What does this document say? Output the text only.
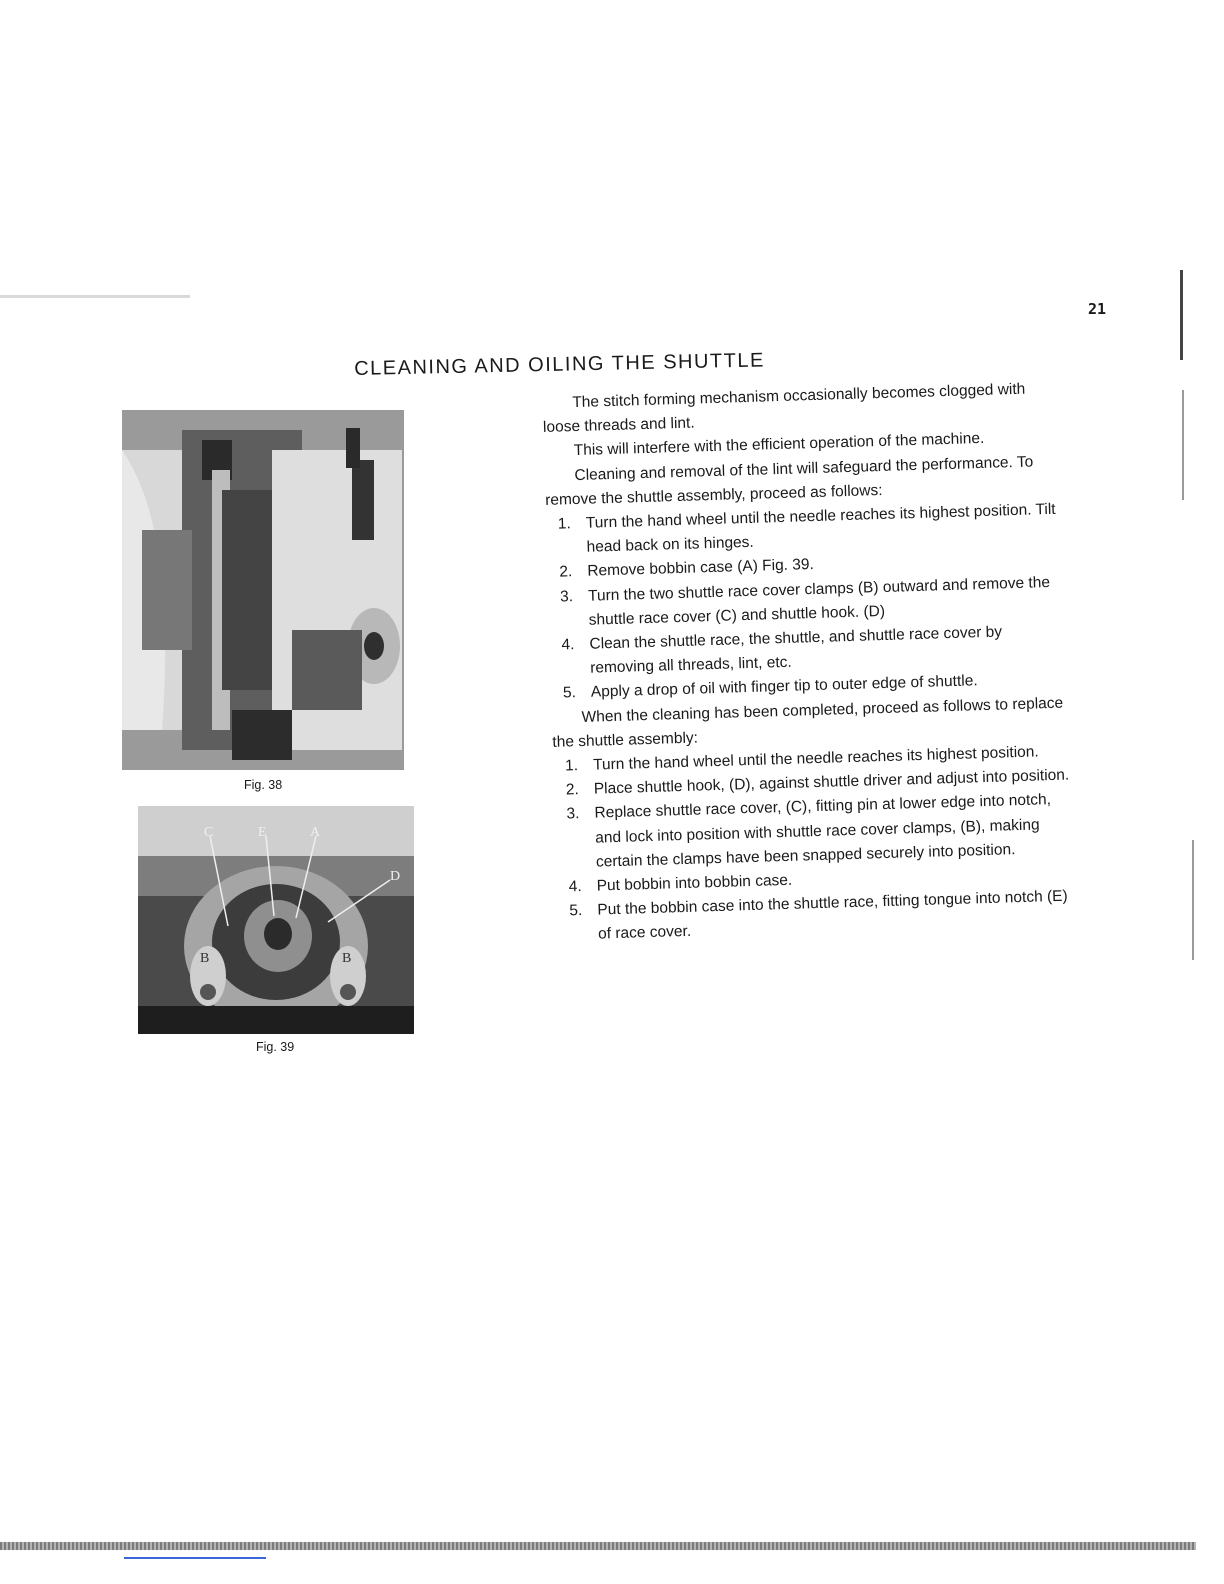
21
CLEANING AND OILING THE SHUTTLE
Fig. 38
C	E	A
D
B	B
Fig. 39

The stitch forming mechanism occasionally becomes clogged with loose threads and lint.

This will interfere with the efficient operation of the machine.

Cleaning and removal of the lint will safeguard the performance. To remove the shuttle assembly, proceed as follows:

1. Turn the hand wheel until the needle reaches its highest position. Tilt head back on its hinges.
2. Remove bobbin case (A) Fig. 39.
3. Turn the two shuttle race cover clamps (B) outward and remove the shuttle race cover (C) and shuttle hook. (D)
4. Clean the shuttle race, the shuttle, and shuttle race cover by removing all threads, lint, etc.
5. Apply a drop of oil with finger tip to outer edge of shuttle.

When the cleaning has been completed, proceed as follows to replace the shuttle assembly:

1. Turn the hand wheel until the needle reaches its highest position.
2. Place shuttle hook, (D), against shuttle driver and adjust into position.
3. Replace shuttle race cover, (C), fitting pin at lower edge into notch, and lock into position with shuttle race cover clamps, (B), making certain the clamps have been snapped securely into position.
4. Put bobbin into bobbin case.
5. Put the bobbin case into the shuttle race, fitting tongue into notch (E) of race cover.
